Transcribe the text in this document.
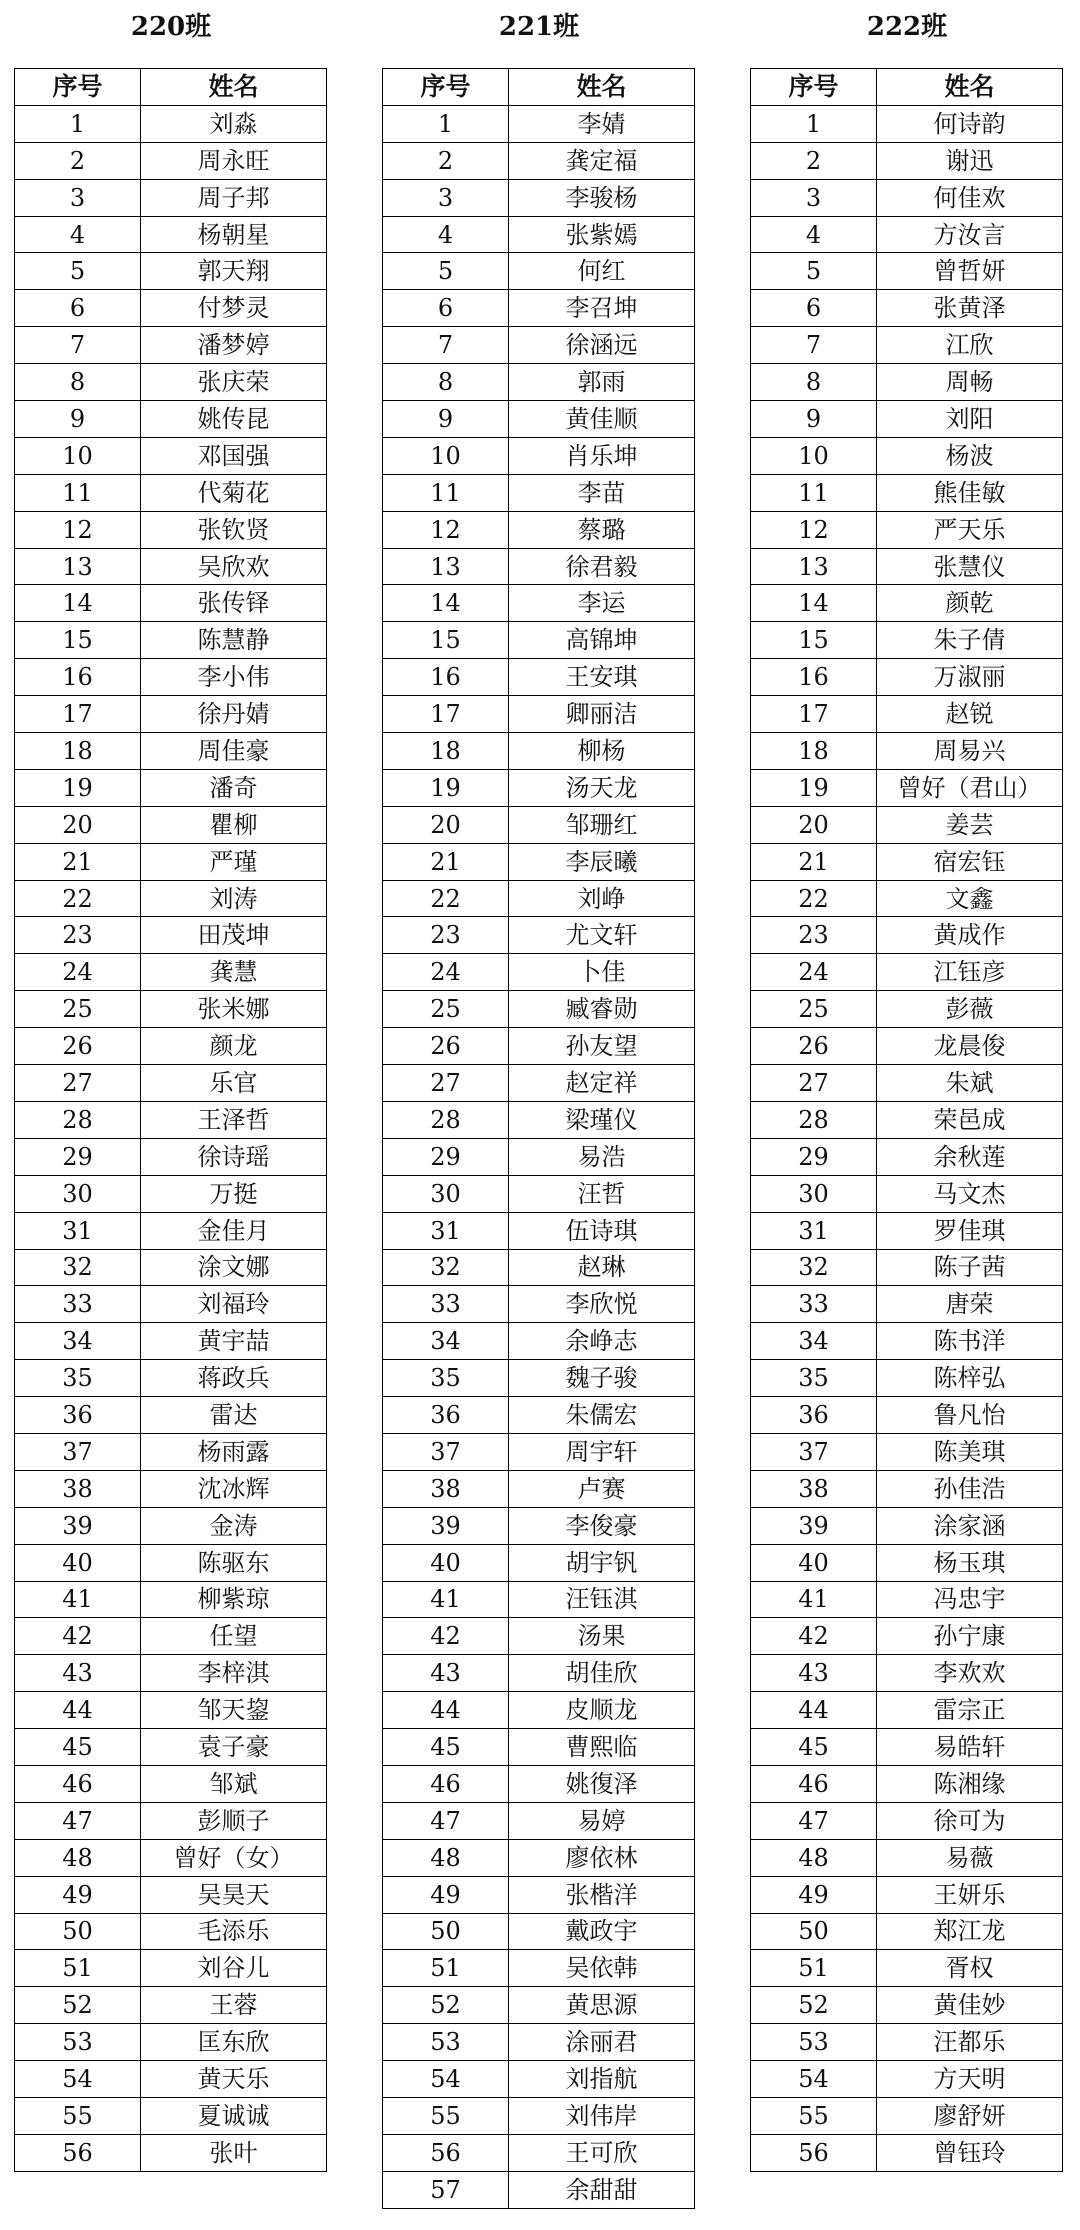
220班
序号	姓名
1	刘淼
2	周永旺
3	周子邦
4	杨朝星
5	郭天翔
6	付梦灵
7	潘梦婷
8	张庆荣
9	姚传昆
10	邓国强
11	代菊花
12	张钦贤
13	吴欣欢
14	张传铎
15	陈慧静
16	李小伟
17	徐丹婧
18	周佳豪
19	潘奇
20	瞿柳
21	严瑾
22	刘涛
23	田茂坤
24	龚慧
25	张米娜
26	颜龙
27	乐官
28	王泽哲
29	徐诗瑶
30	万挺
31	金佳月
32	涂文娜
33	刘福玲
34	黄宇喆
35	蒋政兵
36	雷达
37	杨雨露
38	沈冰辉
39	金涛
40	陈驱东
41	柳紫琼
42	任望
43	李梓淇
44	邹天鋆
45	袁子豪
46	邹斌
47	彭顺子
48	曾好（女）
49	吴昊天
50	毛添乐
51	刘谷儿
52	王蓉
53	匡东欣
54	黄天乐
55	夏诚诚
56	张叶
221班
序号	姓名
1	李婧
2	龚定福
3	李骏杨
4	张紫嫣
5	何红
6	李召坤
7	徐涵远
8	郭雨
9	黄佳顺
10	肖乐坤
11	李苗
12	蔡璐
13	徐君毅
14	李运
15	高锦坤
16	王安琪
17	卿丽洁
18	柳杨
19	汤天龙
20	邹珊红
21	李辰曦
22	刘峥
23	尤文轩
24	卜佳
25	臧睿勋
26	孙友望
27	赵定祥
28	梁瑾仪
29	易浩
30	汪哲
31	伍诗琪
32	赵琳
33	李欣悦
34	余峥志
35	魏子骏
36	朱儒宏
37	周宇轩
38	卢赛
39	李俊豪
40	胡宇钒
41	汪钰淇
42	汤果
43	胡佳欣
44	皮顺龙
45	曹熙临
46	姚復泽
47	易婷
48	廖依林
49	张楷洋
50	戴政宇
51	吴依韩
52	黄思源
53	涂丽君
54	刘指航
55	刘伟岸
56	王可欣
57	余甜甜
222班
序号	姓名
1	何诗韵
2	谢迅
3	何佳欢
4	方汝言
5	曾哲妍
6	张黄泽
7	江欣
8	周畅
9	刘阳
10	杨波
11	熊佳敏
12	严天乐
13	张慧仪
14	颜乾
15	朱子倩
16	万淑丽
17	赵锐
18	周易兴
19	曾好（君山）
20	姜芸
21	宿宏钰
22	文鑫
23	黄成作
24	江钰彦
25	彭薇
26	龙晨俊
27	朱斌
28	荣邑成
29	余秋莲
30	马文杰
31	罗佳琪
32	陈子茜
33	唐荣
34	陈书洋
35	陈梓弘
36	鲁凡怡
37	陈美琪
38	孙佳浩
39	涂家涵
40	杨玉琪
41	冯忠宇
42	孙宁康
43	李欢欢
44	雷宗正
45	易皓轩
46	陈湘缘
47	徐可为
48	易薇
49	王妍乐
50	郑江龙
51	胥权
52	黄佳妙
53	汪都乐
54	方天明
55	廖舒妍
56	曾钰玲
